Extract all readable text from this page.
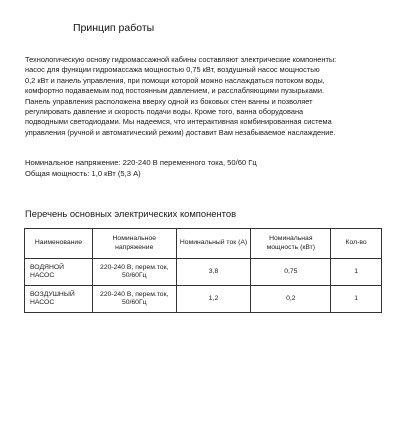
Принцип работы

Технологическую основу гидромассажной кабины составляют электрические компоненты:

насос для функции гидромассажа мощностью 0,75 кВт, воздушный насос мощностью

0,2 кВт и панель управления, при помощи которой можно наслаждаться потоком воды,

комфортно подаваемым под постоянным давлением, и расслабляющими пузырьками.

Панель управления расположена вверху одной из боковых стен ванны и позволяет

регулировать давление и скорость подачи воды. Кроме того, ванна оборудована

подводными светодиодами. Мы надеемся, что интерактивная комбинированная система

управления (ручной и автоматический режим) доставит Вам незабываемое наслаждение.

Номинальное напряжение: 220-240 В переменного тока, 50/60 Гц
Общая мощность: 1,0 кВт (5,3 А)
Перечень основных электрических компонентов
Наименование	Номинальное напряжение	Номинальный ток (А)	Номинальная мощность (кВт)	Кол-во
ВОДЯНОЙ НАСОС	220-240 В, перем.ток, 50/60Гц	3,8	0,75	1
ВОЗДУШНЫЙ НАСОС	220-240 В, перем.ток, 50/60Гц	1,2	0,2	1
